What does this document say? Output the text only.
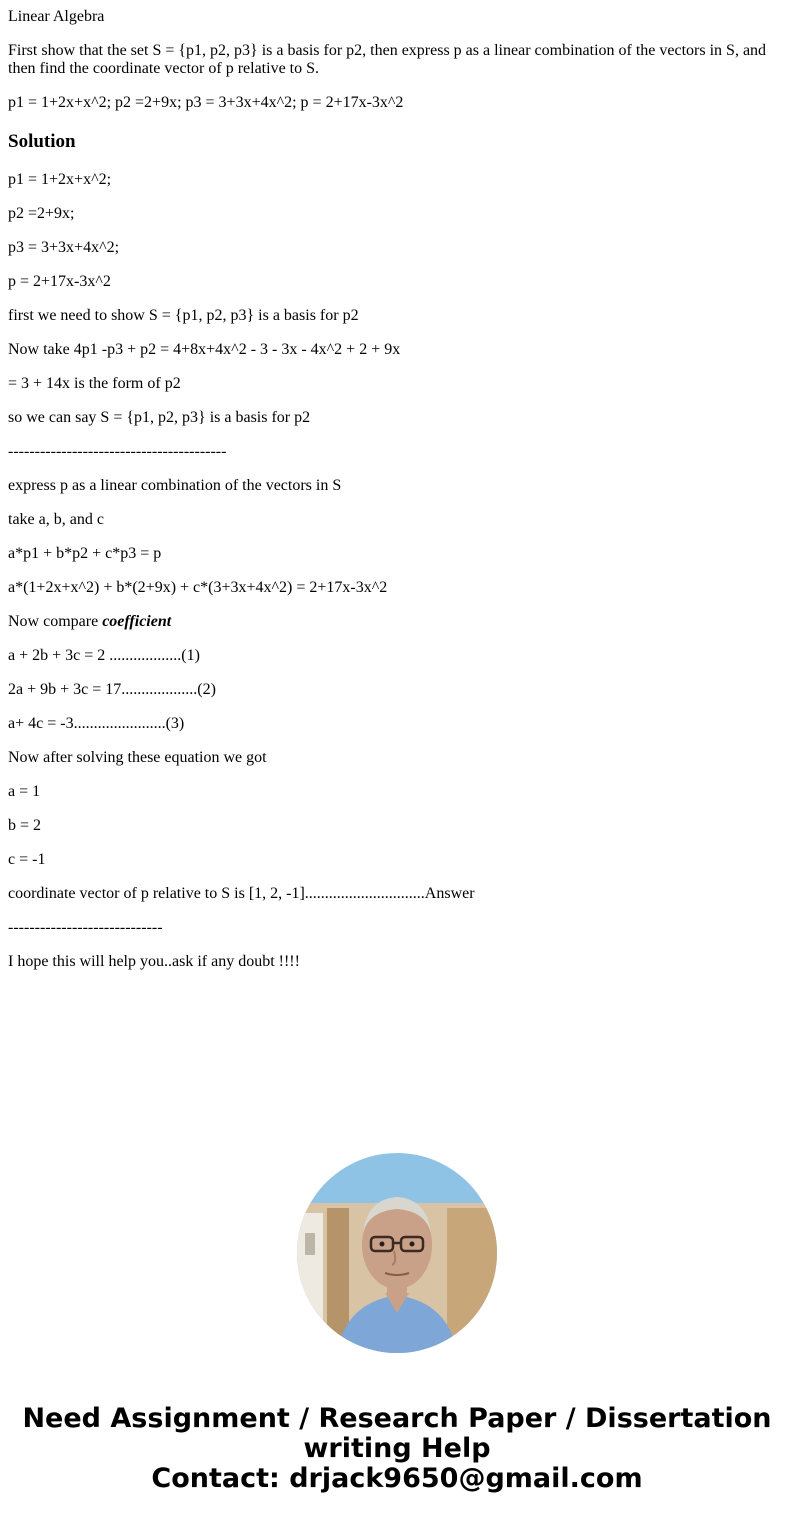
Linear Algebra

First show that the set S = {p1, p2, p3} is a basis for p2, then express p as a linear combination of the vectors in S, and then find the coordinate vector of p relative to S.

p1 = 1+2x+x^2; p2 =2+9x; p3 = 3+3x+4x^2; p = 2+17x-3x^2

Solution

p1 = 1+2x+x^2;

p2 =2+9x;

p3 = 3+3x+4x^2;

p = 2+17x-3x^2

first we need to show S = {p1, p2, p3} is a basis for p2

Now take 4p1 -p3 + p2 = 4+8x+4x^2 - 3 - 3x - 4x^2 + 2 + 9x

= 3 + 14x is the form of p2

so we can say S = {p1, p2, p3} is a basis for p2

-----------------------------------------

express p as a linear combination of the vectors in S

take a, b, and c

a*p1 + b*p2 + c*p3 = p

a*(1+2x+x^2) + b*(2+9x) + c*(3+3x+4x^2) = 2+17x-3x^2

Now compare coefficient

a + 2b + 3c = 2 ..................(1)

2a + 9b + 3c = 17...................(2)

a+ 4c = -3.......................(3)

Now after solving these equation we got

a = 1

b = 2

c = -1

coordinate vector of p relative to S is [1, 2, -1]..............................Answer

-----------------------------

I hope this will help you..ask if any doubt !!!!

Need Assignment / Research Paper / Dissertation
writing Help
Contact: drjack9650@gmail.com
